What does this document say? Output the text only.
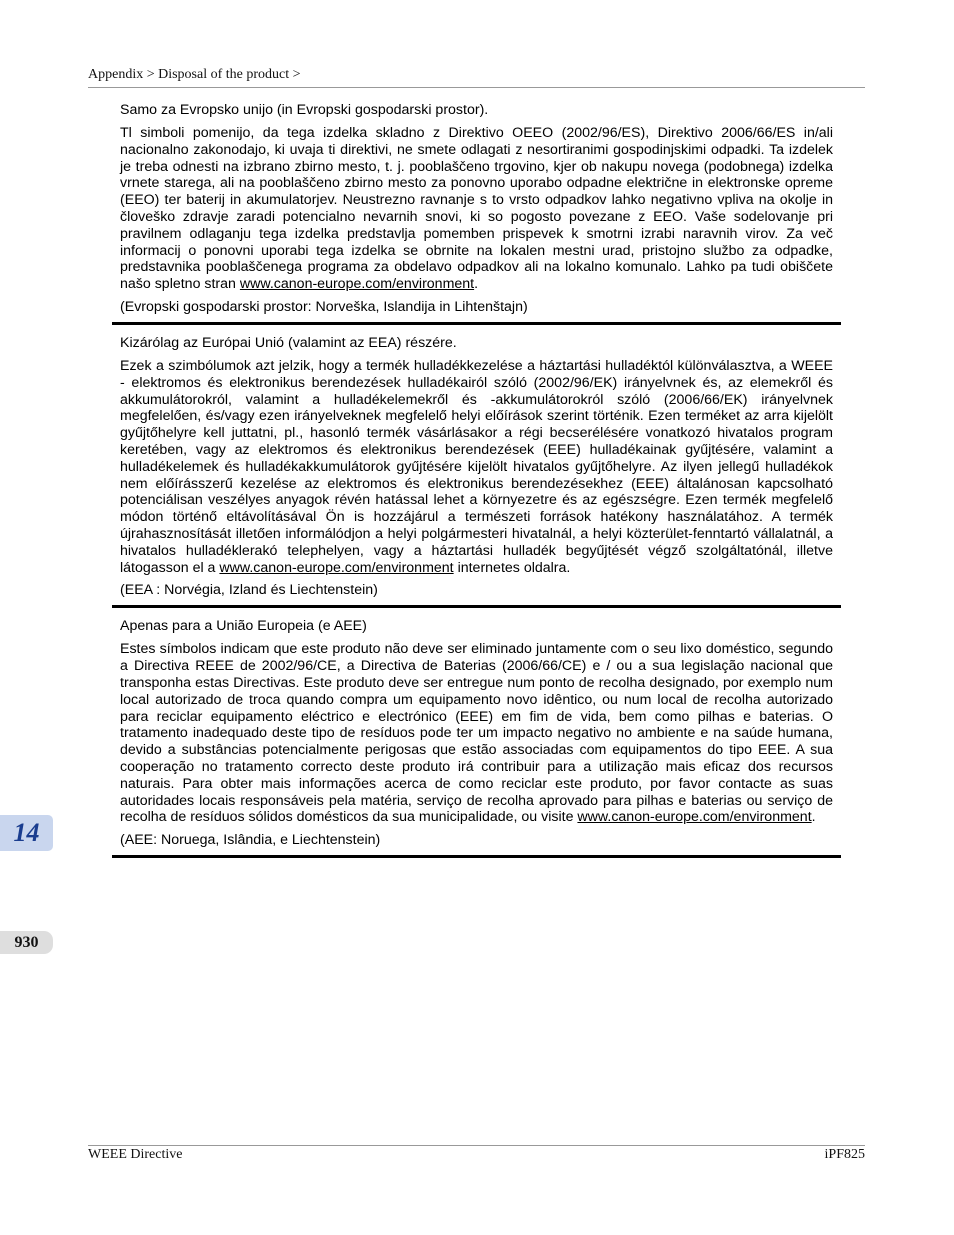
Appendix > Disposal of the product >

Samo za Evropsko unijo (in Evropski gospodarski prostor).

Tl simboli pomenijo, da tega izdelka skladno z Direktivo OEEO (2002/96/ES), Direktivo 2006/66/ES in/ali nacionalno zakonodajo, ki uvaja ti direktivi, ne smete odlagati z nesortiranimi gospodinjskimi odpadki. Ta izdelek je treba odnesti na izbrano zbirno mesto, t. j. pooblaščeno trgovino, kjer ob nakupu novega (podobnega) izdelka vrnete starega, ali na pooblaščeno zbirno mesto za ponovno uporabo odpadne električne in elektronske opreme (EEO) ter baterij in akumulatorjev. Neustrezno ravnanje s to vrsto odpadkov lahko negativno vpliva na okolje in človeško zdravje zaradi potencialno nevarnih snovi, ki so pogosto povezane z EEO. Vaše sodelovanje pri pravilnem odlaganju tega izdelka predstavlja pomemben prispevek k smotrni izrabi naravnih virov. Za več informacij o ponovni uporabi tega izdelka se obrnite na lokalen mestni urad, pristojno službo za odpadke, predstavnika pooblaščenega programa za obdelavo odpadkov ali na lokalno komunalo. Lahko pa tudi obiščete našo spletno stran www.canon-europe.com/environment.

(Evropski gospodarski prostor: Norveška, Islandija in Lihtenštajn)

Kizárólag az Európai Unió (valamint az EEA) részére.

Ezek a szimbólumok azt jelzik, hogy a termék hulladékkezelése a háztartási hulladéktól különválasztva, a WEEE - elektromos és elektronikus berendezések hulladékairól szóló (2002/96/EK) irányelvnek és, az elemekről és akkumulátorokról, valamint a hulladékelemekről és -akkumulátorokról szóló (2006/66/EK) irányelvnek megfelelően, és/vagy ezen irányelveknek megfelelő helyi előírások szerint történik. Ezen terméket az arra kijelölt gyűjtőhelyre kell juttatni, pl., hasonló termék vásárlásakor a régi becserélésére vonatkozó hivatalos program keretében, vagy az elektromos és elektronikus berendezések (EEE) hulladékainak gyűjtésére, valamint a hulladékelemek és hulladékakkumulátorok gyűjtésére kijelölt hivatalos gyűjtőhelyre. Az ilyen jellegű hulladékok nem előírásszerű kezelése az elektromos és elektronikus berendezésekhez (EEE) általánosan kapcsolható potenciálisan veszélyes anyagok révén hatással lehet a környezetre és az egészségre. Ezen termék megfelelő módon történő eltávolításával Ön is hozzájárul a természeti források hatékony használatához. A termék újrahasznosítását illetően informálódjon a helyi polgármesteri hivatalnál, a helyi közterület-fenntartó vállalatnál, a hivatalos hulladéklerakó telephelyen, vagy a háztartási hulladék begyűjtését végző szolgáltatónál, illetve látogasson el a www.canon-europe.com/environment internetes oldalra.

(EEA : Norvégia, Izland és Liechtenstein)

Apenas para a União Europeia (e AEE)

Estes símbolos indicam que este produto não deve ser eliminado juntamente com o seu lixo doméstico, segundo a Directiva REEE de 2002/96/CE, a Directiva de Baterias (2006/66/CE) e / ou a sua legislação nacional que transponha estas Directivas. Este produto deve ser entregue num ponto de recolha designado, por exemplo num local autorizado de troca quando compra um equipamento novo idêntico, ou num local de recolha autorizado para reciclar equipamento eléctrico e electrónico (EEE) em fim de vida, bem como pilhas e baterias. O tratamento inadequado deste tipo de resíduos pode ter um impacto negativo no ambiente e na saúde humana, devido a substâncias potencialmente perigosas que estão associadas com equipamentos do tipo EEE. A sua cooperação no tratamento correcto deste produto irá contribuir para a utilização mais eficaz dos recursos naturais. Para obter mais informações acerca de como reciclar este produto, por favor contacte as suas autoridades locais responsáveis pela matéria, serviço de recolha aprovado para pilhas e baterias ou serviço de recolha de resíduos sólidos domésticos da sua municipalidade, ou visite www.canon-europe.com/environment.

(AEE: Noruega, Islândia, e Liechtenstein)

14
930
WEEE Directive	iPF825
